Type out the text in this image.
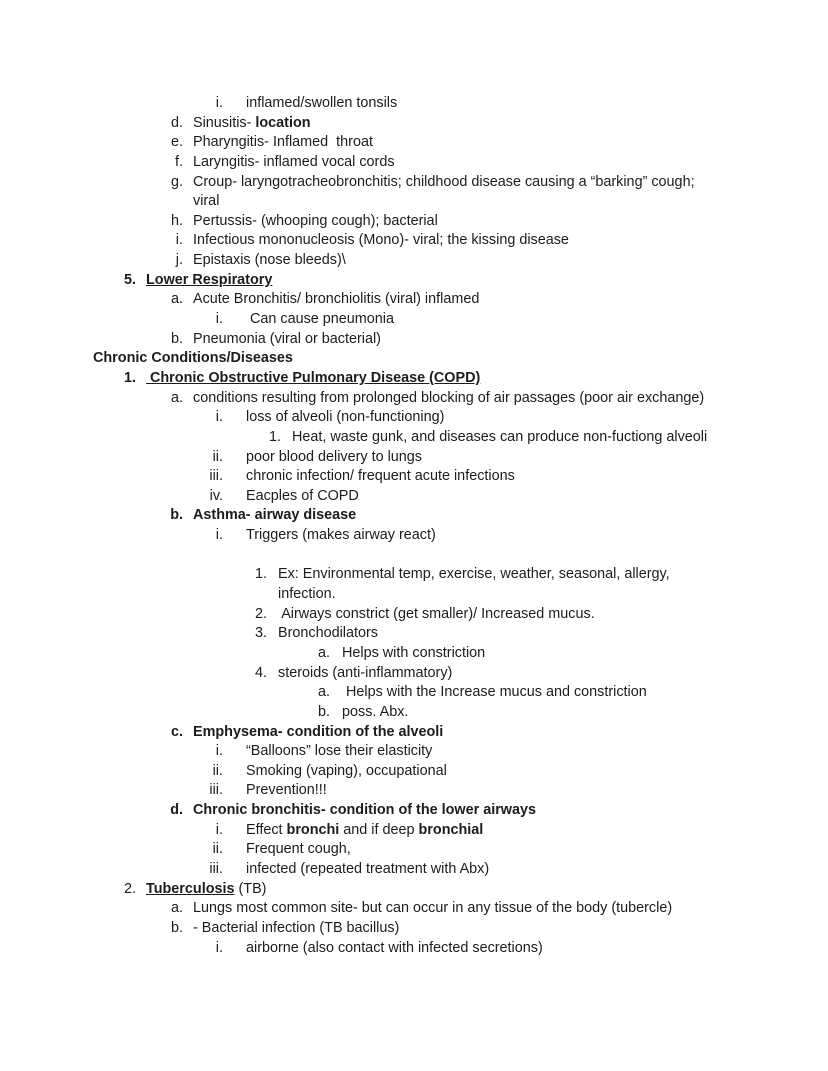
i. inflamed/swollen tonsils
d. Sinusitis- location
e. Pharyngitis- Inflamed  throat
f. Laryngitis- inflamed vocal cords
g. Croup- laryngotracheobronchitis; childhood disease causing a “barking” cough;
viral
h. Pertussis- (whooping cough); bacterial
i. Infectious mononucleosis (Mono)- viral; the kissing disease
j. Epistaxis (nose bleeds)\
5. Lower Respiratory
a. Acute Bronchitis/ bronchiolitis (viral) inflamed
i. Can cause pneumonia
b. Pneumonia (viral or bacterial)
Chronic Conditions/Diseases
1. Chronic Obstructive Pulmonary Disease (COPD)
a. conditions resulting from prolonged blocking of air passages (poor air exchange)
i. loss of alveoli (non-functioning)
1. Heat, waste gunk, and diseases can produce non-fuctiong alveoli
ii. poor blood delivery to lungs
iii. chronic infection/ frequent acute infections
iv. Eacples of COPD
b. Asthma- airway disease
i. Triggers (makes airway react)
1. Ex: Environmental temp, exercise, weather, seasonal, allergy,
infection.
2. Airways constrict (get smaller)/ Increased mucus.
3. Bronchodilators
a. Helps with constriction
4. steroids (anti-inflammatory)
a. Helps with the Increase mucus and constriction
b. poss. Abx.
c. Emphysema- condition of the alveoli
i. “Balloons” lose their elasticity
ii. Smoking (vaping), occupational
iii. Prevention!!!
d. Chronic bronchitis- condition of the lower airways
i. Effect bronchi and if deep bronchial
ii. Frequent cough,
iii. infected (repeated treatment with Abx)
2. Tuberculosis (TB)
a. Lungs most common site- but can occur in any tissue of the body (tubercle)
b. - Bacterial infection (TB bacillus)
i. airborne (also contact with infected secretions)
